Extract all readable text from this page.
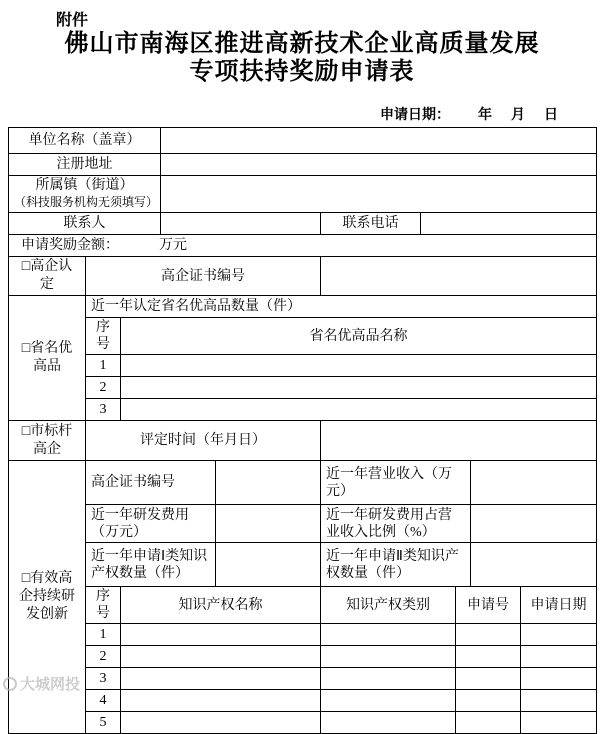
附件
佛山市南海区推进高新技术企业高质量发展
专项扶持奖励申请表
申请日期： 年 月 日
单位名称（盖章）									
注册地址									

所属镇（街道）
（科技服务机构无须填写）									

联系人					联系电话				
申请奖励金额： 万元									
□高企认定	高企证书编号								
□省名优高品	近一年认定省名优高品数量（件）								
	序号	省名优高品名称							
	1								
	2								
	3								
□市标杆高企	评定时间（年月日）								
□有效高企持续研发创新	高企证书编号				近一年营业收入（万元）				
	近一年研发费用（万元）				近一年研发费用占营业收入比例（%）				
	近一年申请Ⅰ类知识产权数量（件）				近一年申请Ⅱ类知识产权数量（件）				
	序号	知识产权名称			知识产权类别		申请号		申请日期
	1								
	2								
	3								
	4								
	5								
大城网投
